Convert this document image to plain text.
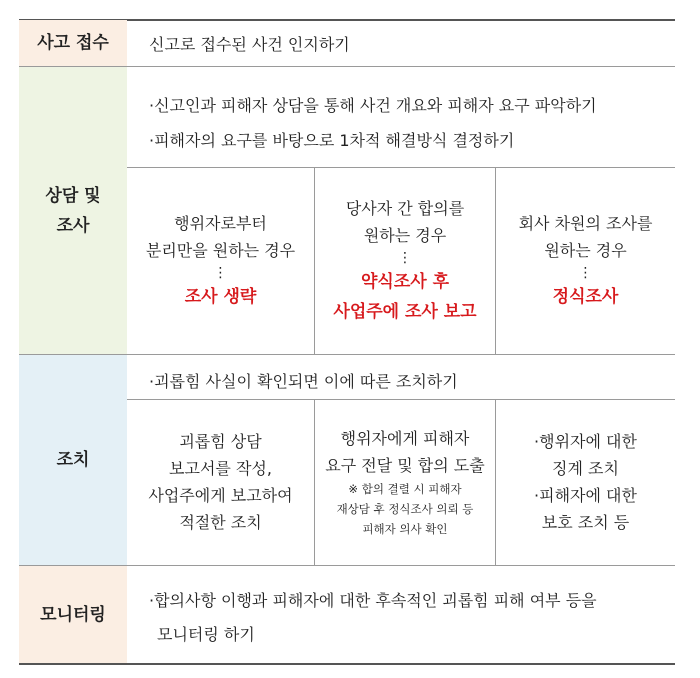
사고 접수	신고로 접수된 사건 인지하기
상담 및
조사
·신고인과 피해자 상담을 통해 사건 개요와 피해자 요구 파악하기
·피해자의 요구를 바탕으로 1차적 해결방식 결정하기
행위자로부터
분리만을 원하는 경우
⋮
조사 생략
당사자 간 합의를
원하는 경우
⋮
약식조사 후
사업주에 조사 보고
회사 차원의 조사를
원하는 경우
⋮
정식조사
조치
·괴롭힘 사실이 확인되면 이에 따른 조치하기
괴롭힘 상담
보고서를 작성,
사업주에게 보고하여
적절한 조치
행위자에게 피해자
요구 전달 및 합의 도출
※ 합의 결렬 시 피해자
재상담 후 정식조사 의뢰 등
피해자 의사 확인
·행위자에 대한
징계 조치
·피해자에 대한
보호 조치 등
모니터링
·합의사항 이행과 피해자에 대한 후속적인 괴롭힘 피해 여부 등을
모니터링 하기
